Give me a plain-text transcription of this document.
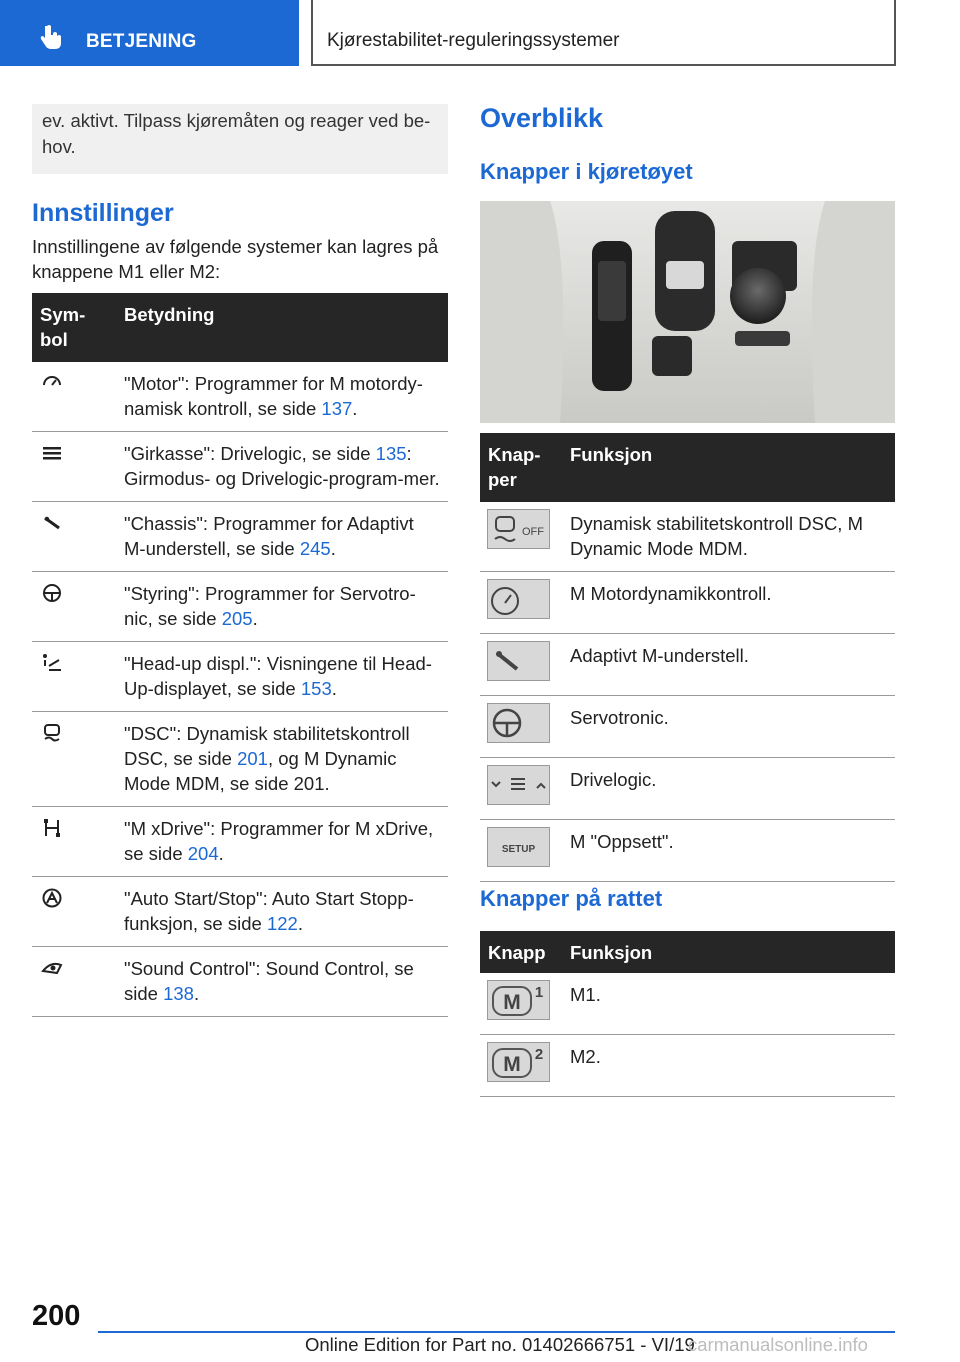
BETJENING	Kjørestabilitet-reguleringssystemer
ev. aktivt. Tilpass kjøremåten og reager ved be-hov.
Innstillinger

Innstillingene av følgende systemer kan lagres på knappene M1 eller M2:

Sym-bol	Betydning

	"Motor": Programmer for M motordy-namisk kontroll, se side 137.

	"Girkasse": Drivelogic, se side 135: Girmodus- og Drivelogic-program-mer.

	"Chassis": Programmer for Adaptivt M-understell, se side 245.

	"Styring": Programmer for Servotro-nic, se side 205.

	"Head-up displ.": Visningene til Head-Up-displayet, se side 153.

	"DSC": Dynamisk stabilitetskontroll DSC, se side 201, og M Dynamic Mode MDM, se side 201.

	"M xDrive": Programmer for M xDrive, se side 204.

	"Auto Start/Stop": Auto Start Stopp-funksjon, se side 122.

	"Sound Control": Sound Control, se side 138.
Overblikk
Knapper i kjøretøyet
Knap-per	Funksjon

OFF	Dynamisk stabilitetskontroll DSC, M Dynamic Mode MDM.

	M Motordynamikkontroll.

	Adaptivt M-understell.

	Servotronic.

	Drivelogic.

SETUP	M "Oppsett".
Knapper på rattet
Knapp	Funksjon

M 1	M1.

M 2	M2.
200
Online Edition for Part no. 01402666751 - VI/19
carmanualsonline.info
